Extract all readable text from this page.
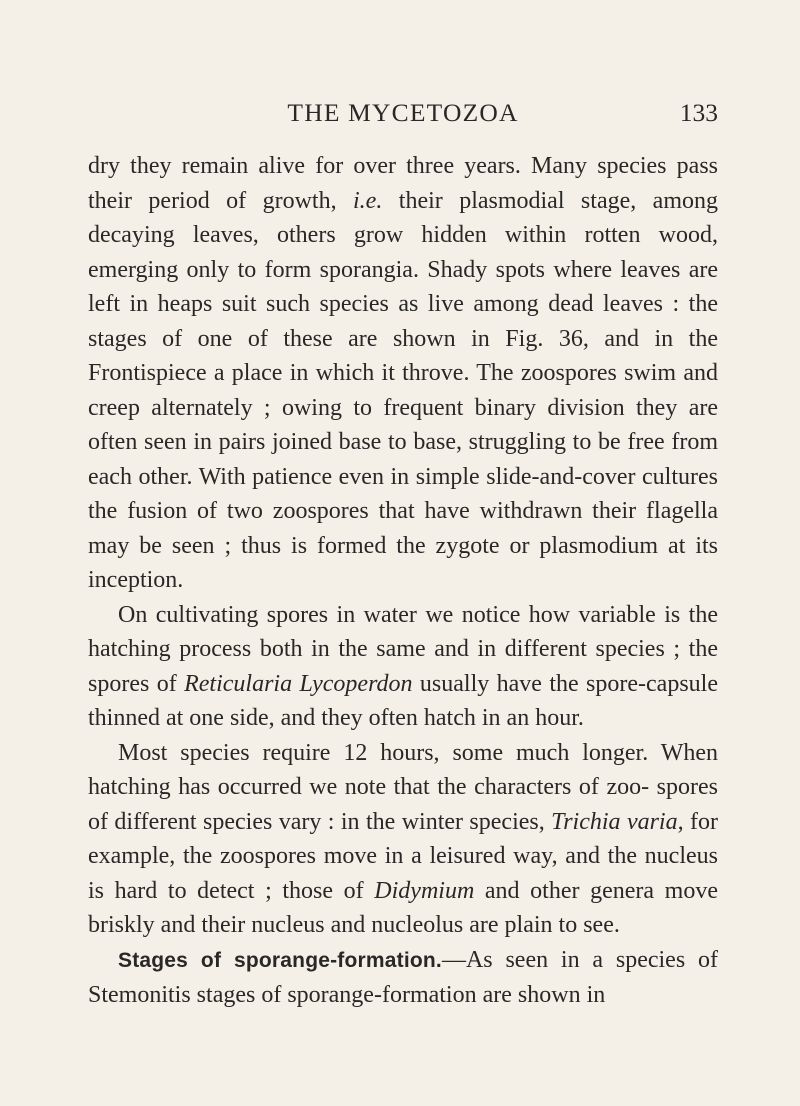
THE MYCETOZOA	133

dry they remain alive for over three years. Many species pass their period of growth, i.e. their plasmodial stage, among decaying leaves, others grow hidden within rotten wood, emerging only to form sporangia. Shady spots where leaves are left in heaps suit such species as live among dead leaves : the stages of one of these are shown in Fig. 36, and in the Frontispiece a place in which it throve. The zoospores swim and creep alternately ; owing to frequent binary division they are often seen in pairs joined base to base, struggling to be free from each other. With patience even in simple slide-and-cover cultures the fusion of two zoospores that have withdrawn their flagella may be seen ; thus is formed the zygote or plasmodium at its inception.

On cultivating spores in water we notice how variable is the hatching process both in the same and in different species ; the spores of Reticularia Lycoperdon usually have the spore-capsule thinned at one side, and they often hatch in an hour.

Most species require 12 hours, some much longer. When hatching has occurred we note that the characters of zoo- spores of different species vary : in the winter species, Trichia varia, for example, the zoospores move in a leisured way, and the nucleus is hard to detect ; those of Didymium and other genera move briskly and their nucleus and nucleolus are plain to see.

Stages of sporange-formation.—As seen in a species of Stemonitis stages of sporange-formation are shown in
